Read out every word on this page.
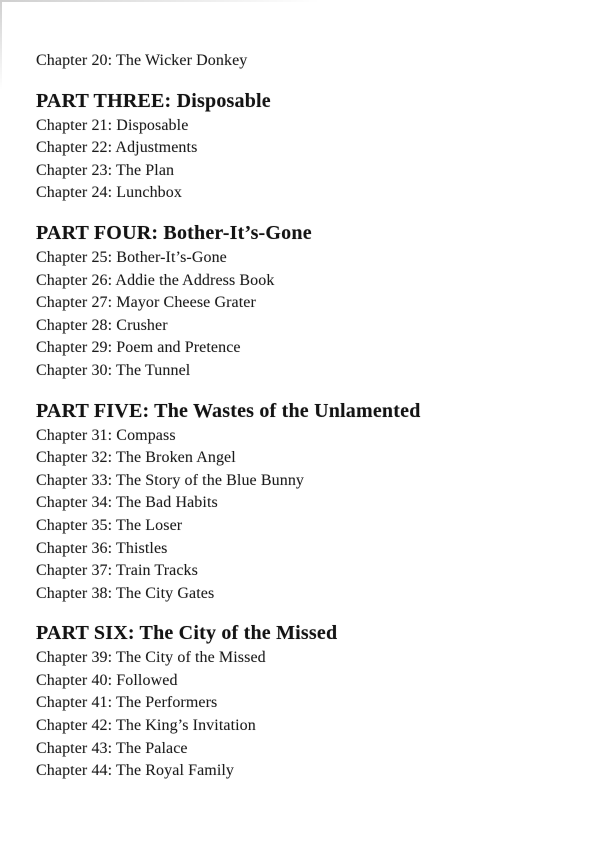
Chapter 20: The Wicker Donkey

PART THREE: Disposable

Chapter 21: Disposable

Chapter 22: Adjustments

Chapter 23: The Plan

Chapter 24: Lunchbox

PART FOUR: Bother-It’s-Gone

Chapter 25: Bother-It’s-Gone

Chapter 26: Addie the Address Book

Chapter 27: Mayor Cheese Grater

Chapter 28: Crusher

Chapter 29: Poem and Pretence

Chapter 30: The Tunnel

PART FIVE: The Wastes of the Unlamented

Chapter 31: Compass

Chapter 32: The Broken Angel

Chapter 33: The Story of the Blue Bunny

Chapter 34: The Bad Habits

Chapter 35: The Loser

Chapter 36: Thistles

Chapter 37: Train Tracks

Chapter 38: The City Gates

PART SIX: The City of the Missed

Chapter 39: The City of the Missed

Chapter 40: Followed

Chapter 41: The Performers

Chapter 42: The King’s Invitation

Chapter 43: The Palace

Chapter 44: The Royal Family
